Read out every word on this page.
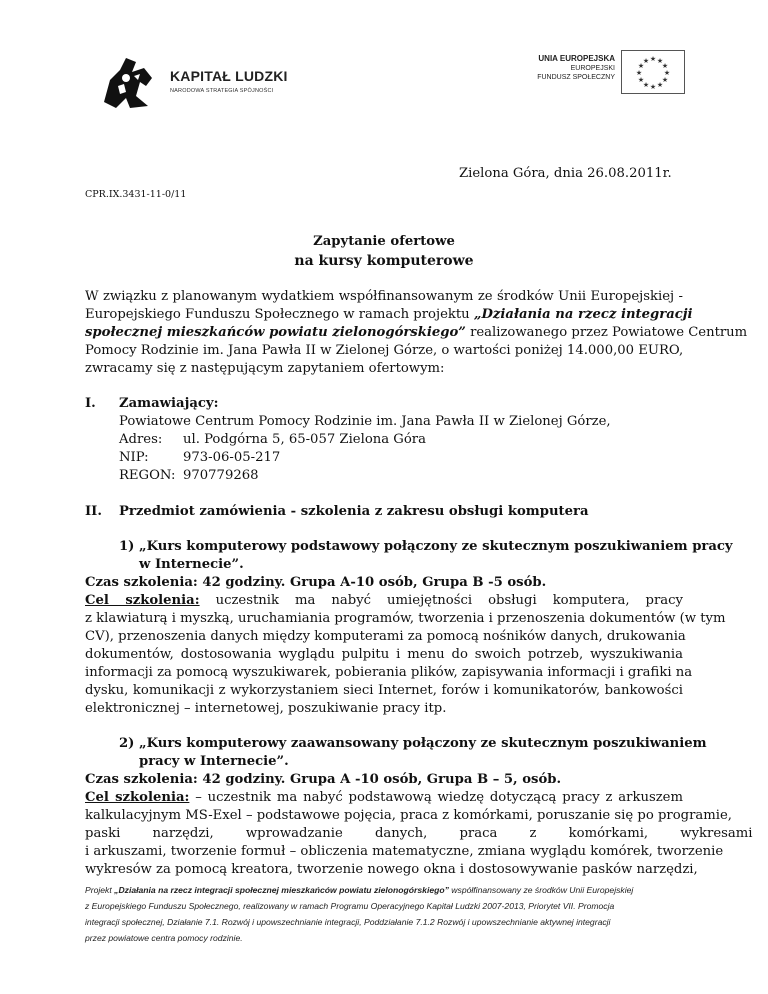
KAPITAŁ LUDZKI
NARODOWA STRATEGIA SPÓJNOŚCI
UNIA EUROPEJSKA
EUROPEJSKI
FUNDUSZ SPOŁECZNY
★ ★
★
★
★
★
★
★
★
★
★
★
Zielona Góra, dnia 26.08.2011r.
CPR.IX.3431-11-0/11
Zapytanie ofertowe
na kursy komputerowe
W związku z planowanym wydatkiem współfinansowanym ze środków Unii Europejskiej -
Europejskiego Funduszu Społecznego w ramach projektu „Działania na rzecz integracji
społecznej mieszkańców powiatu zielonogórskiego” realizowanego przez Powiatowe Centrum
Pomocy Rodzinie im. Jana Pawła II w Zielonej Górze, o wartości poniżej 14.000,00 EURO,
zwracamy się z następującym zapytaniem ofertowym:
I. Zamawiający:
Powiatowe Centrum Pomocy Rodzinie im. Jana Pawła II w Zielonej Górze,
Adres: ul. Podgórna 5, 65-057 Zielona Góra
NIP:	973-06-05-217
REGON: 970779268
II. Przedmiot zamówienia - szkolenia z zakresu obsługi komputera
1) „Kurs komputerowy podstawowy połączony ze skutecznym poszukiwaniem pracy
w Internecie”.
Czas szkolenia: 42 godziny. Grupa A-10 osób, Grupa B -5 osób.
Cel szkolenia: uczestnik ma nabyć umiejętności obsługi komputera, pracy
z klawiaturą i myszką, uruchamiania programów, tworzenia i przenoszenia dokumentów (w tym
CV), przenoszenia danych między komputerami za pomocą nośników danych, drukowania
dokumentów, dostosowania wyglądu pulpitu i menu do swoich potrzeb, wyszukiwania
informacji za pomocą wyszukiwarek, pobierania plików, zapisywania informacji i grafiki na
dysku, komunikacji z wykorzystaniem sieci Internet, forów i komunikatorów, bankowości
elektronicznej – internetowej, poszukiwanie pracy itp.
2) „Kurs komputerowy zaawansowany połączony ze skutecznym poszukiwaniem
pracy w Internecie”.
Czas szkolenia: 42 godziny. Grupa A -10 osób, Grupa B – 5, osób.
Cel szkolenia: – uczestnik ma nabyć podstawową wiedzę dotyczącą pracy z arkuszem
kalkulacyjnym MS-Exel – podstawowe pojęcia, praca z komórkami, poruszanie się po programie,
paski narzędzi, wprowadzanie danych, praca z komórkami, wykresami
i arkuszami, tworzenie formuł – obliczenia matematyczne, zmiana wyglądu komórek, tworzenie
wykresów za pomocą kreatora, tworzenie nowego okna i dostosowywanie pasków narzędzi,
Projekt „Działania na rzecz integracji społecznej mieszkańców powiatu zielonogórskiego” współfinansowany ze środków Unii Europejskiej
z Europejskiego Funduszu Społecznego, realizowany w ramach Programu Operacyjnego Kapitał Ludzki 2007-2013, Priorytet VII. Promocja
integracji społecznej, Działanie 7.1. Rozwój i upowszechnianie integracji, Poddziałanie 7.1.2 Rozwój i upowszechnianie aktywnej integracji
przez powiatowe centra pomocy rodzinie.
